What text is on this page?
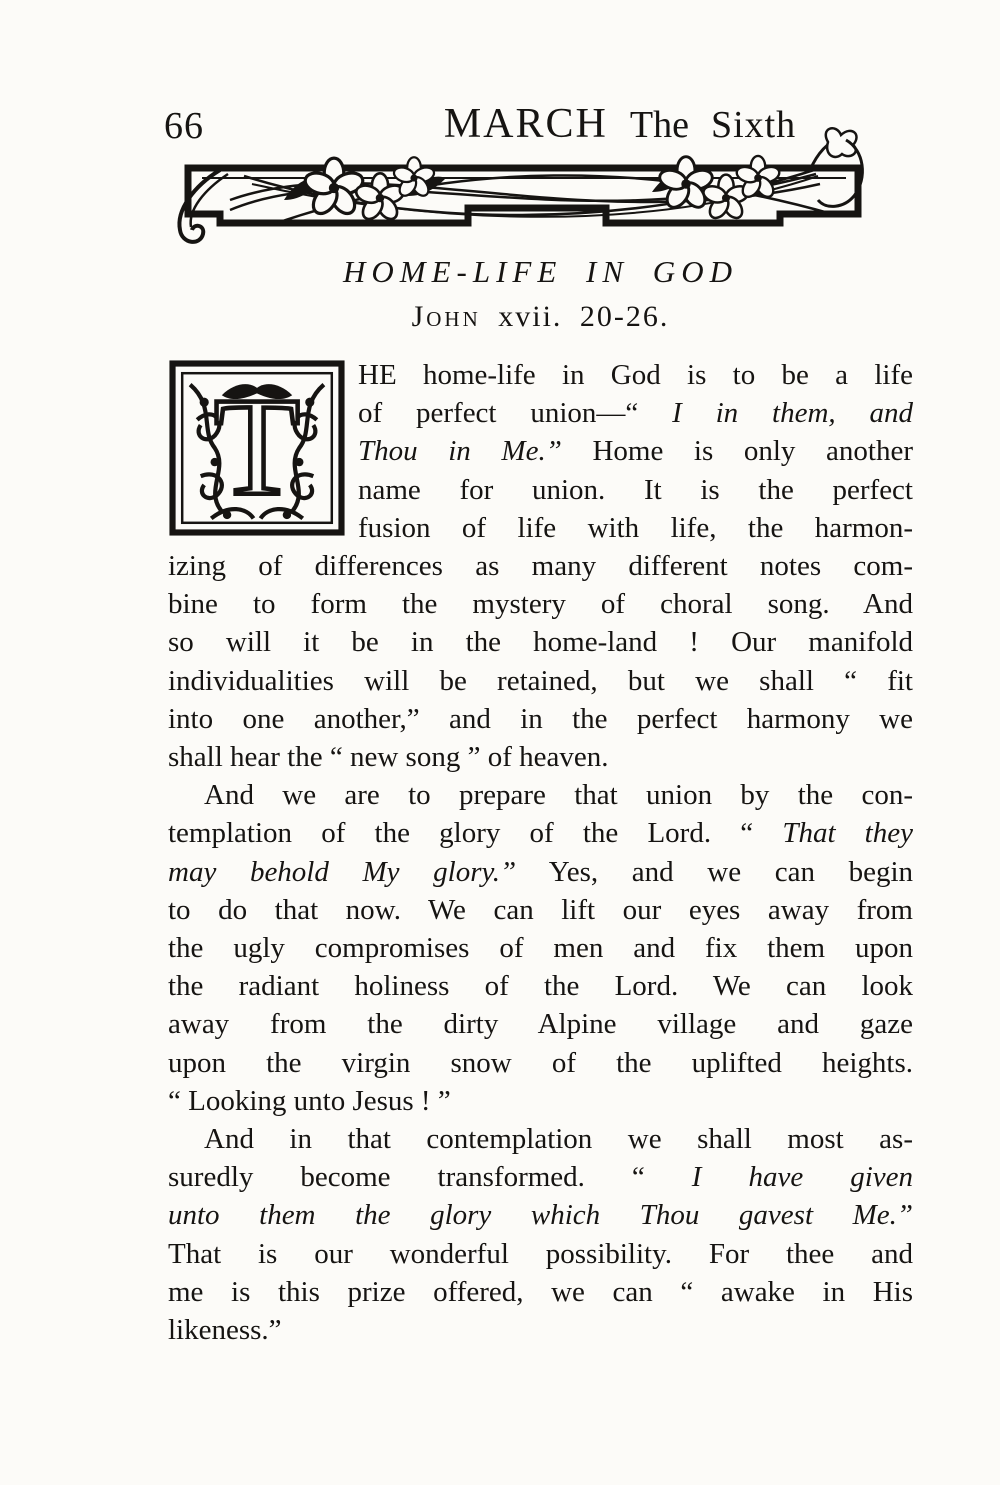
66	MARCH The Sixth
HOME-LIFE IN GOD
John xvii. 20-26.
T	HE home-life in God is to be a life
of perfect union—“ I in them, and
Thou in Me.” Home is only another
name for union. It is the perfect
fusion of life with life, the harmon-
izing of differences as many different notes com-
bine to form the mystery of choral song. And
so will it be in the home-land ! Our manifold
individualities will be retained, but we shall “ fit
into one another,” and in the perfect harmony we
shall hear the “ new song ” of heaven.
And we are to prepare that union by the con-
templation of the glory of the Lord. “ That they
may behold My glory.” Yes, and we can begin
to do that now. We can lift our eyes away from
the ugly compromises of men and fix them upon
the radiant holiness of the Lord. We can look
away from the dirty Alpine village and gaze
upon the virgin snow of the uplifted heights.
“ Looking unto Jesus ! ”
And in that contemplation we shall most as-
suredly become transformed. “ I have given
unto them the glory which Thou gavest Me.”
That is our wonderful possibility. For thee and
me is this prize offered, we can “ awake in His
likeness.”
